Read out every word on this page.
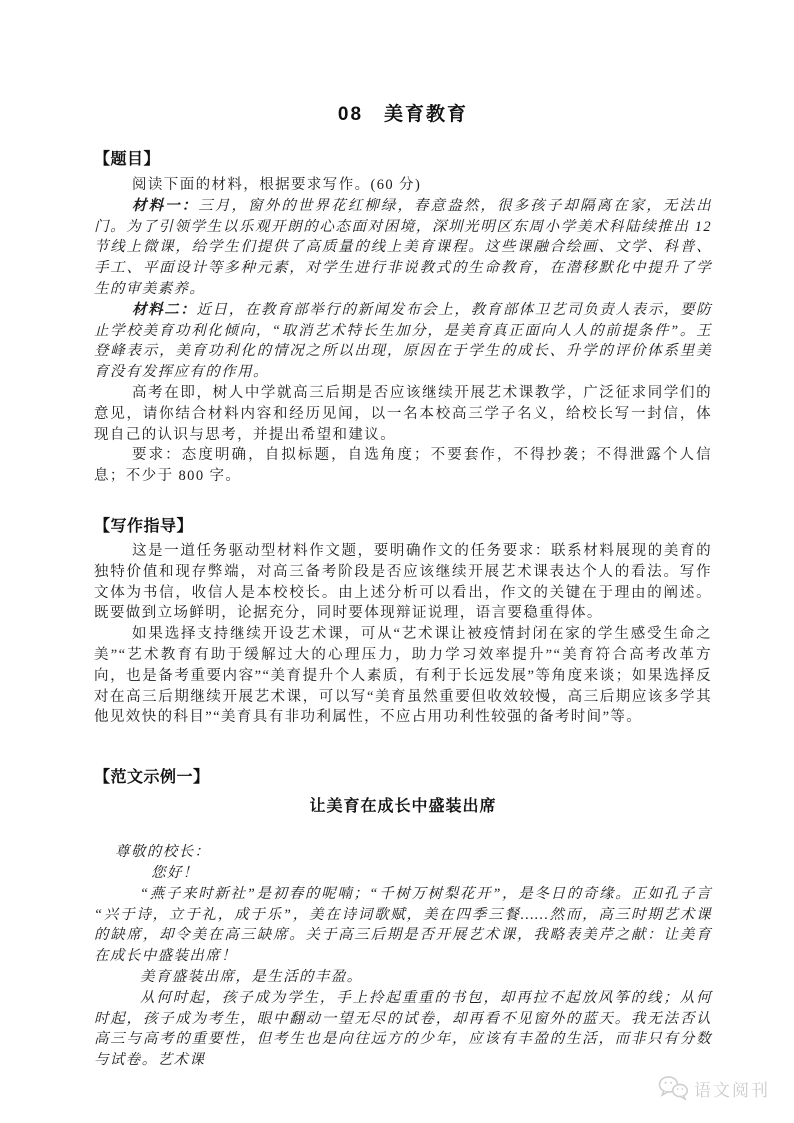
08　美育教育
【题目】

阅读下面的材料，根据要求写作。(60 分)

材料一：三月，窗外的世界花红柳绿，春意盎然，很多孩子却隔离在家，无法出门。为了引领学生以乐观开朗的心态面对困境，深圳光明区东周小学美术科陆续推出 12 节线上微课，给学生们提供了高质量的线上美育课程。这些课融合绘画、文学、科普、手工、平面设计等多种元素，对学生进行非说教式的生命教育，在潜移默化中提升了学生的审美素养。

材料二：近日，在教育部举行的新闻发布会上，教育部体卫艺司负责人表示，要防止学校美育功利化倾向，“取消艺术特长生加分，是美育真正面向人人的前提条件”。王登峰表示，美育功利化的情况之所以出现，原因在于学生的成长、升学的评价体系里美育没有发挥应有的作用。

高考在即，树人中学就高三后期是否应该继续开展艺术课教学，广泛征求同学们的意见，请你结合材料内容和经历见闻，以一名本校高三学子名义，给校长写一封信，体现自己的认识与思考，并提出希望和建议。

要求：态度明确，自拟标题，自选角度；不要套作，不得抄袭；不得泄露个人信息；不少于 800 字。

【写作指导】

这是一道任务驱动型材料作文题，要明确作文的任务要求：联系材料展现的美育的独特价值和现存弊端，对高三备考阶段是否应该继续开展艺术课表达个人的看法。写作文体为书信，收信人是本校校长。由上述分析可以看出，作文的关键在于理由的阐述。既要做到立场鲜明，论据充分，同时要体现辩证说理，语言要稳重得体。

如果选择支持继续开设艺术课，可从“艺术课让被疫情封闭在家的学生感受生命之美”“艺术教育有助于缓解过大的心理压力，助力学习效率提升”“美育符合高考改革方向，也是备考重要内容”“美育提升个人素质，有利于长远发展”等角度来谈；如果选择反对在高三后期继续开展艺术课，可以写“美育虽然重要但收效较慢，高三后期应该多学其他见效快的科目”“美育具有非功利属性，不应占用功利性较强的备考时间”等。

【范文示例一】
让美育在成长中盛装出席

尊敬的校长：

您好！

“燕子来时新社”是初春的呢喃；“千树万树梨花开”，是冬日的奇缘。正如孔子言“兴于诗，立于礼，成于乐”，美在诗词歌赋，美在四季三餐……然而，高三时期艺术课的缺席，却令美在高三缺席。关于高三后期是否开展艺术课，我略表美芹之献：让美育在成长中盛装出席！

美育盛装出席，是生活的丰盈。

从何时起，孩子成为学生，手上拎起重重的书包，却再拉不起放风筝的线；从何时起，孩子成为考生，眼中翻动一望无尽的试卷，却再看不见窗外的蓝天。我无法否认高三与高考的重要性，但考生也是向往远方的少年，应该有丰盈的生活，而非只有分数与试卷。艺术课

语文阅刊
